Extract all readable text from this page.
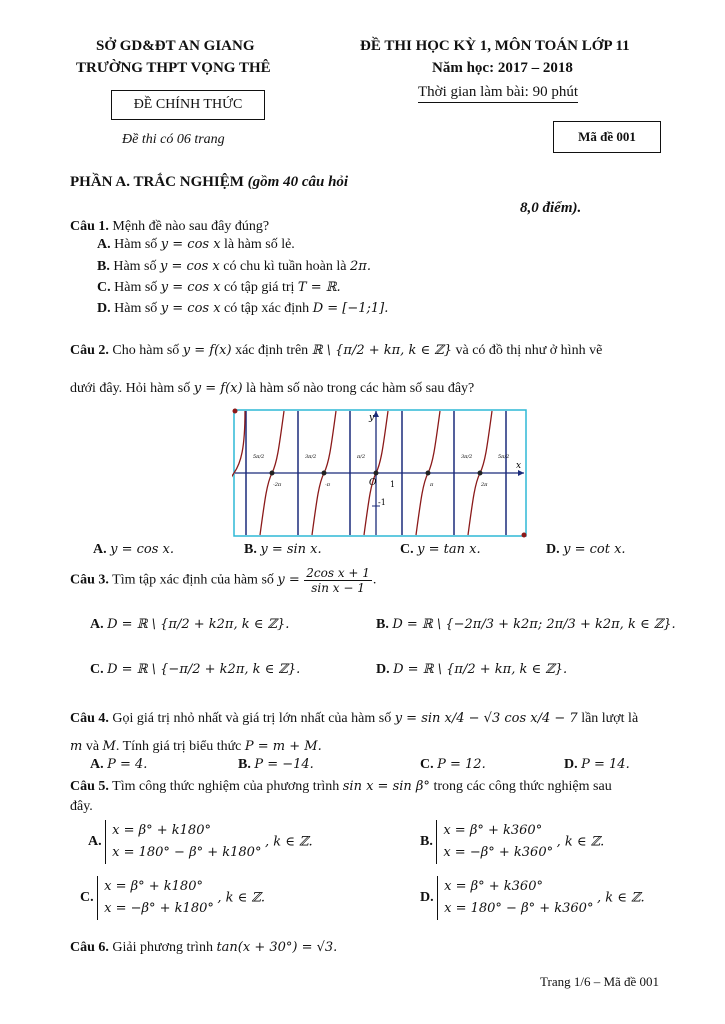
SỞ GD&ĐT AN GIANG
TRƯỜNG THPT VỌNG THÊ
ĐỀ CHÍNH THỨC
Đề thi có 06 trang
ĐỀ THI HỌC KỲ 1, MÔN TOÁN LỚP 11
Năm học: 2017 – 2018
Thời gian làm bài: 90 phút
Mã đề 001
PHẦN A. TRẮC NGHIỆM (gồm 40 câu hỏi
8,0 điểm).
Câu 1. Mệnh đề nào sau đây đúng?
A. Hàm số y = cos x là hàm số lẻ.
B. Hàm số y = cos x có chu kì tuần hoàn là 2π.
C. Hàm số y = cos x có tập giá trị T = ℝ.
D. Hàm số y = cos x có tập xác định D = [−1;1].
Câu 2. Cho hàm số y = f(x) xác định trên ℝ \ {π/2 + kπ, k ∈ ℤ} và có đồ thị như ở hình vẽ
dưới đây. Hỏi hàm số y = f(x) là hàm số nào trong các hàm số sau đây?
y
x
O 1
-1
5π/2	3π/2	π/2	3π/2	5π/2
-2π	-π	π	2π
A. y = cos x.	B. y = sin x.	C. y = tan x.	D. y = cot x.
Câu 3. Tìm tập xác định của hàm số $y = \frac{\text{2cos x + 1}}{\text{sin x − 1}}$ .
A. D = ℝ \ {π/2 + k2π, k ∈ ℤ}.	B. D = ℝ \ {−2π/3 + k2π; 2π/3 + k2π, k ∈ ℤ}.
C. D = ℝ \ {−π/2 + k2π, k ∈ ℤ}.	D. D = ℝ \ {π/2 + kπ, k ∈ ℤ}.
Câu 4. Gọi giá trị nhỏ nhất và giá trị lớn nhất của hàm số y = sin x/4 − √3 cos x/4 − 7 lần lượt là
m và M. Tính giá trị biểu thức P = m + M.
A. P = 4.	B. P = −14.	C. P = 12.	D. P = 14.
Câu 5. Tìm công thức nghiệm của phương trình sin x = sin β° trong các công thức nghiệm sau
đây.
A. x = β° + k180°
x = 180° − β° + k180° , k ∈ ℤ.	B. x = β° + k360°
x = −β° + k360° , k ∈ ℤ.
C. x = β° + k180°
x = −β° + k180° , k ∈ ℤ.	D. x = β° + k360°
x = 180° − β° + k360° , k ∈ ℤ.
Câu 6. Giải phương trình tan(x + 30°) = √3.
Trang 1/6 – Mã đề 001
